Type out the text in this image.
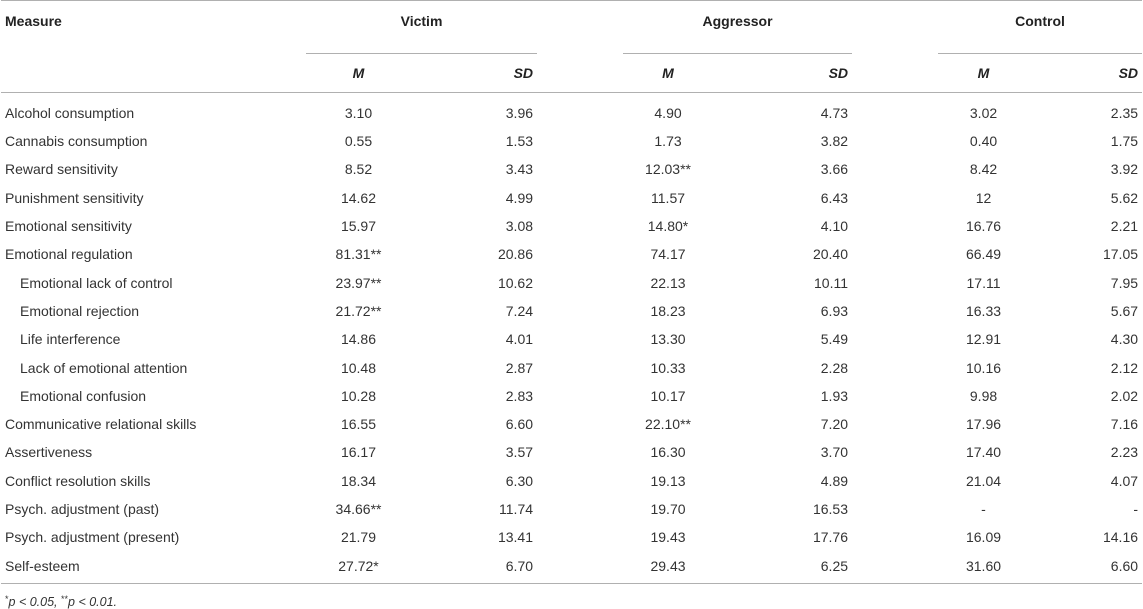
Measure	Victim			Aggressor			Control	

	M	SD		M	SD		M	SD
Alcohol consumption	3.10	3.96		4.90	4.73		3.02	2.35
Cannabis consumption	0.55	1.53		1.73	3.82		0.40	1.75
Reward sensitivity	8.52	3.43		12.03**	3.66		8.42	3.92
Punishment sensitivity	14.62	4.99		11.57	6.43		12	5.62
Emotional sensitivity	15.97	3.08		14.80*	4.10		16.76	2.21
Emotional regulation	81.31**	20.86		74.17	20.40		66.49	17.05
Emotional lack of control	23.97**	10.62		22.13	10.11		17.11	7.95
Emotional rejection	21.72**	7.24		18.23	6.93		16.33	5.67
Life interference	14.86	4.01		13.30	5.49		12.91	4.30
Lack of emotional attention	10.48	2.87		10.33	2.28		10.16	2.12
Emotional confusion	10.28	2.83		10.17	1.93		9.98	2.02
Communicative relational skills	16.55	6.60		22.10**	7.20		17.96	7.16
Assertiveness	16.17	3.57		16.30	3.70		17.40	2.23
Conflict resolution skills	18.34	6.30		19.13	4.89		21.04	4.07
Psych. adjustment (past)	34.66**	11.74		19.70	16.53		-	-
Psych. adjustment (present)	21.79	13.41		19.43	17.76		16.09	14.16
Self-esteem	27.72*	6.70		29.43	6.25		31.60	6.60
*p < 0.05, **p < 0.01.
